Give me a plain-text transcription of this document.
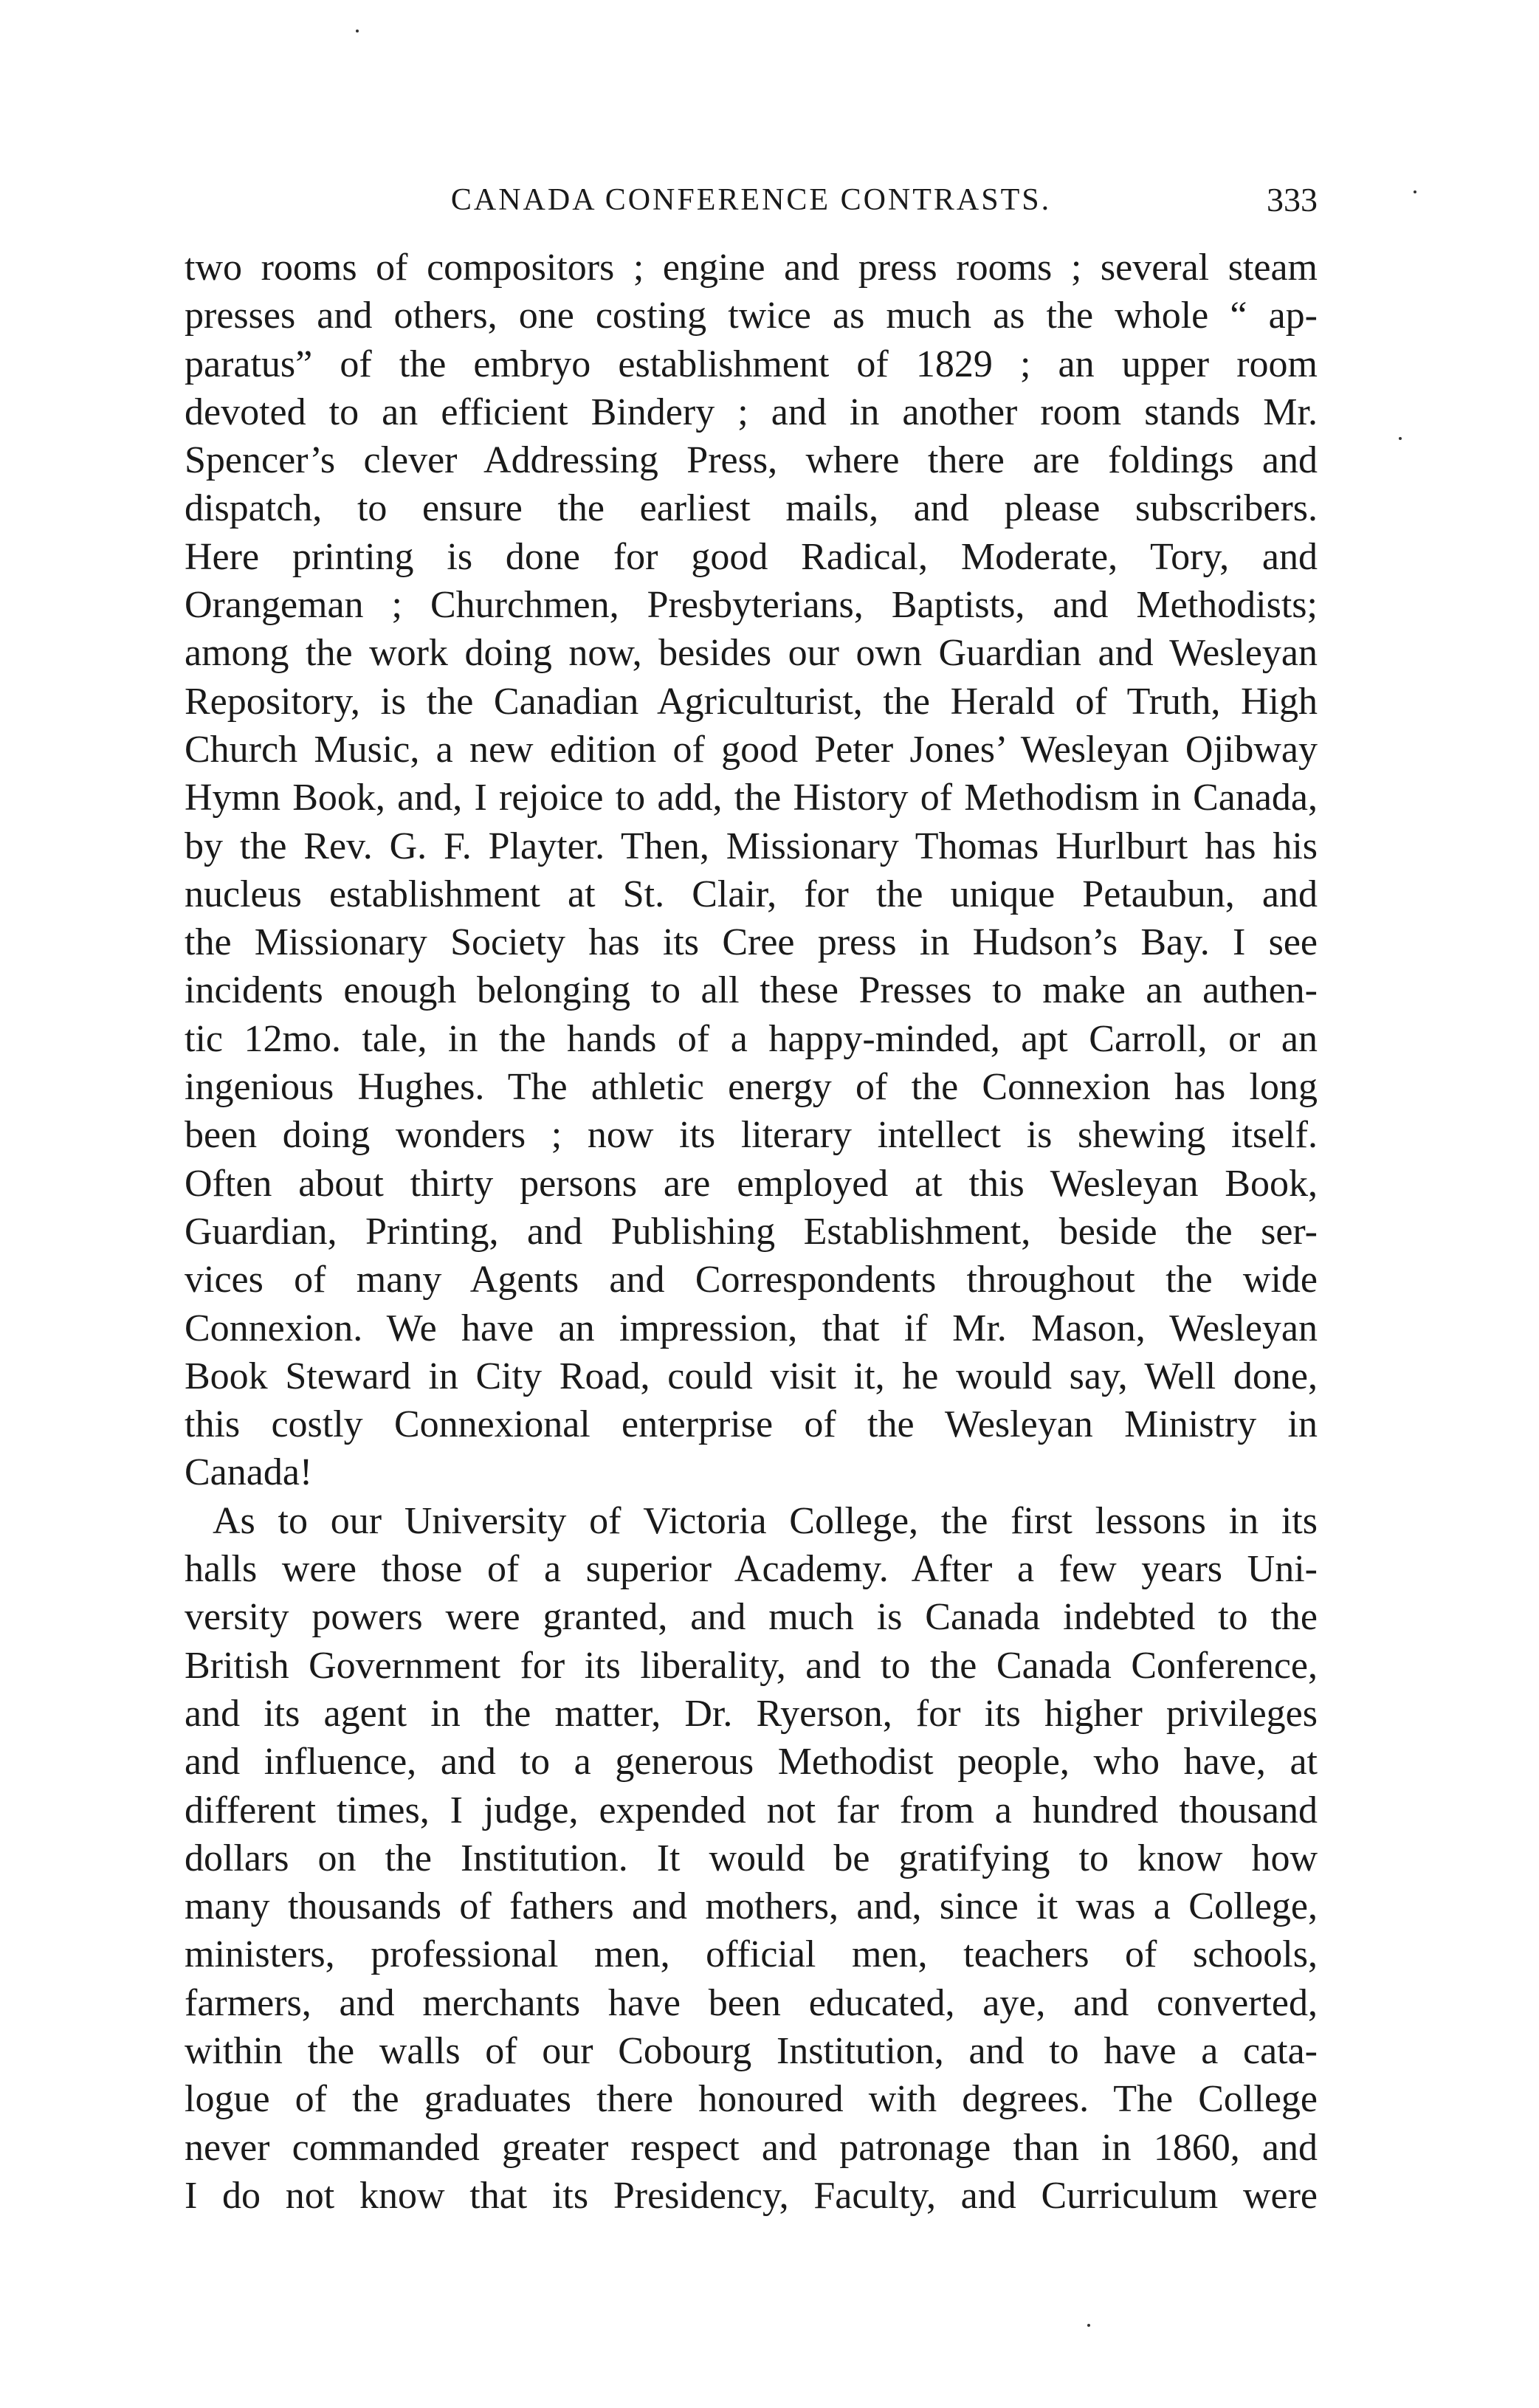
CANADA CONFERENCE CONTRASTS.	333
two rooms of compositors ; engine and press rooms ; several steam
presses and others, one costing twice as much as the whole “ ap-
paratus” of the embryo establishment of 1829 ; an upper room
devoted to an efficient Bindery ; and in another room stands Mr.
Spencer’s clever Addressing Press, where there are foldings and
dispatch, to ensure the earliest mails, and please subscribers.
Here printing is done for good Radical, Moderate, Tory, and
Orangeman ; Churchmen, Presbyterians, Baptists, and Methodists;
among the work doing now, besides our own Guardian and Wesleyan
Repository, is the Canadian Agriculturist, the Herald of Truth, High
Church Music, a new edition of good Peter Jones’ Wesleyan Ojibway
Hymn Book, and, I rejoice to add, the History of Methodism in Canada,
by the Rev. G. F. Playter. Then, Missionary Thomas Hurlburt has his
nucleus establishment at St. Clair, for the unique Petaubun, and
the Missionary Society has its Cree press in Hudson’s Bay. I see
incidents enough belonging to all these Presses to make an authen-
tic 12mo. tale, in the hands of a happy-minded, apt Carroll, or an
ingenious Hughes. The athletic energy of the Connexion has long
been doing wonders ; now its literary intellect is shewing itself.
Often about thirty persons are employed at this Wesleyan Book,
Guardian, Printing, and Publishing Establishment, beside the ser-
vices of many Agents and Correspondents throughout the wide
Connexion. We have an impression, that if Mr. Mason, Wesleyan
Book Steward in City Road, could visit it, he would say, Well done,
this costly Connexional enterprise of the Wesleyan Ministry in
Canada!
As to our University of Victoria College, the first lessons in its
halls were those of a superior Academy. After a few years Uni-
versity powers were granted, and much is Canada indebted to the
British Government for its liberality, and to the Canada Conference,
and its agent in the matter, Dr. Ryerson, for its higher privileges
and influence, and to a generous Methodist people, who have, at
different times, I judge, expended not far from a hundred thousand
dollars on the Institution. It would be gratifying to know how
many thousands of fathers and mothers, and, since it was a College,
ministers, professional men, official men, teachers of schools,
farmers, and merchants have been educated, aye, and converted,
within the walls of our Cobourg Institution, and to have a cata-
logue of the graduates there honoured with degrees. The College
never commanded greater respect and patronage than in 1860, and
I do not know that its Presidency, Faculty, and Curriculum were
